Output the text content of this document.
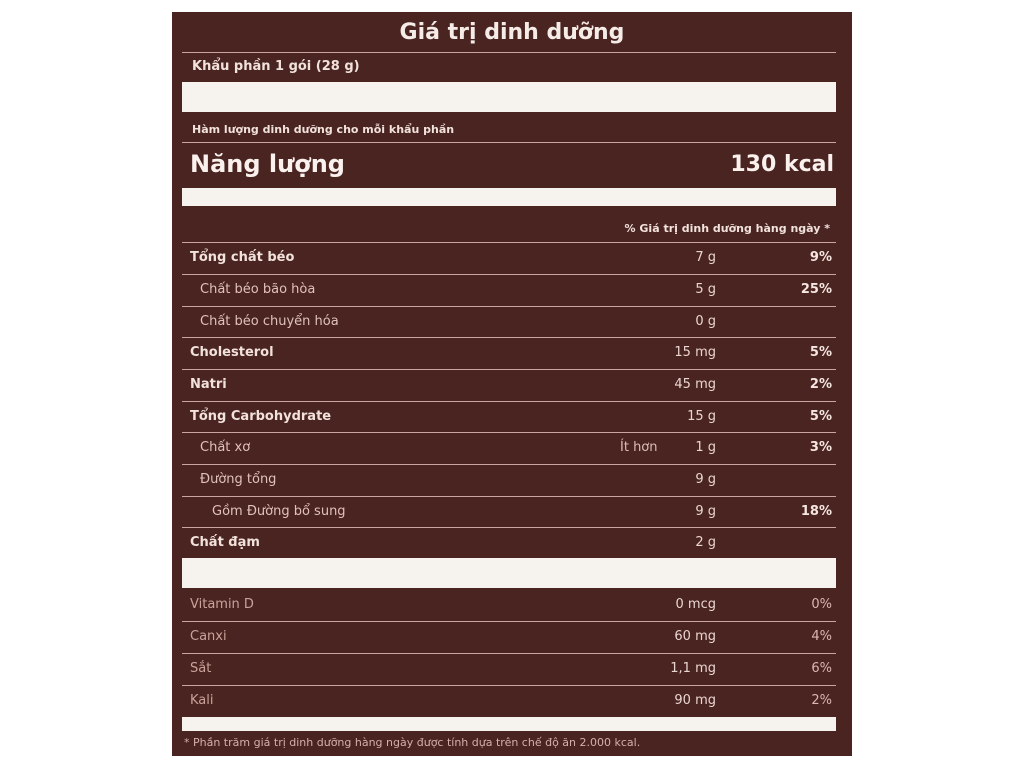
Giá trị dinh dưỡng
Khẩu phần 1 gói (28 g)
Hàm lượng dinh dưỡng cho mỗi khẩu phần
Năng lượng	130 kcal
% Giá trị dinh dưỡng hàng ngày *
Tổng chất béo	7 g	9%
Chất béo bão hòa	5 g	25%
Chất béo chuyển hóa	0 g
Cholesterol	15 mg	5%
Natri	45 mg	2%
Tổng Carbohydrate	15 g	5%
Chất xơ	Ít hơn	1 g	3%
Đường tổng	9 g
Gồm Đường bổ sung	9 g	18%
Chất đạm	2 g
Vitamin D	0 mcg	0%
Canxi	60 mg	4%
Sắt	1,1 mg	6%
Kali	90 mg	2%
* Phần trăm giá trị dinh dưỡng hàng ngày được tính dựa trên chế độ ăn 2.000 kcal.
